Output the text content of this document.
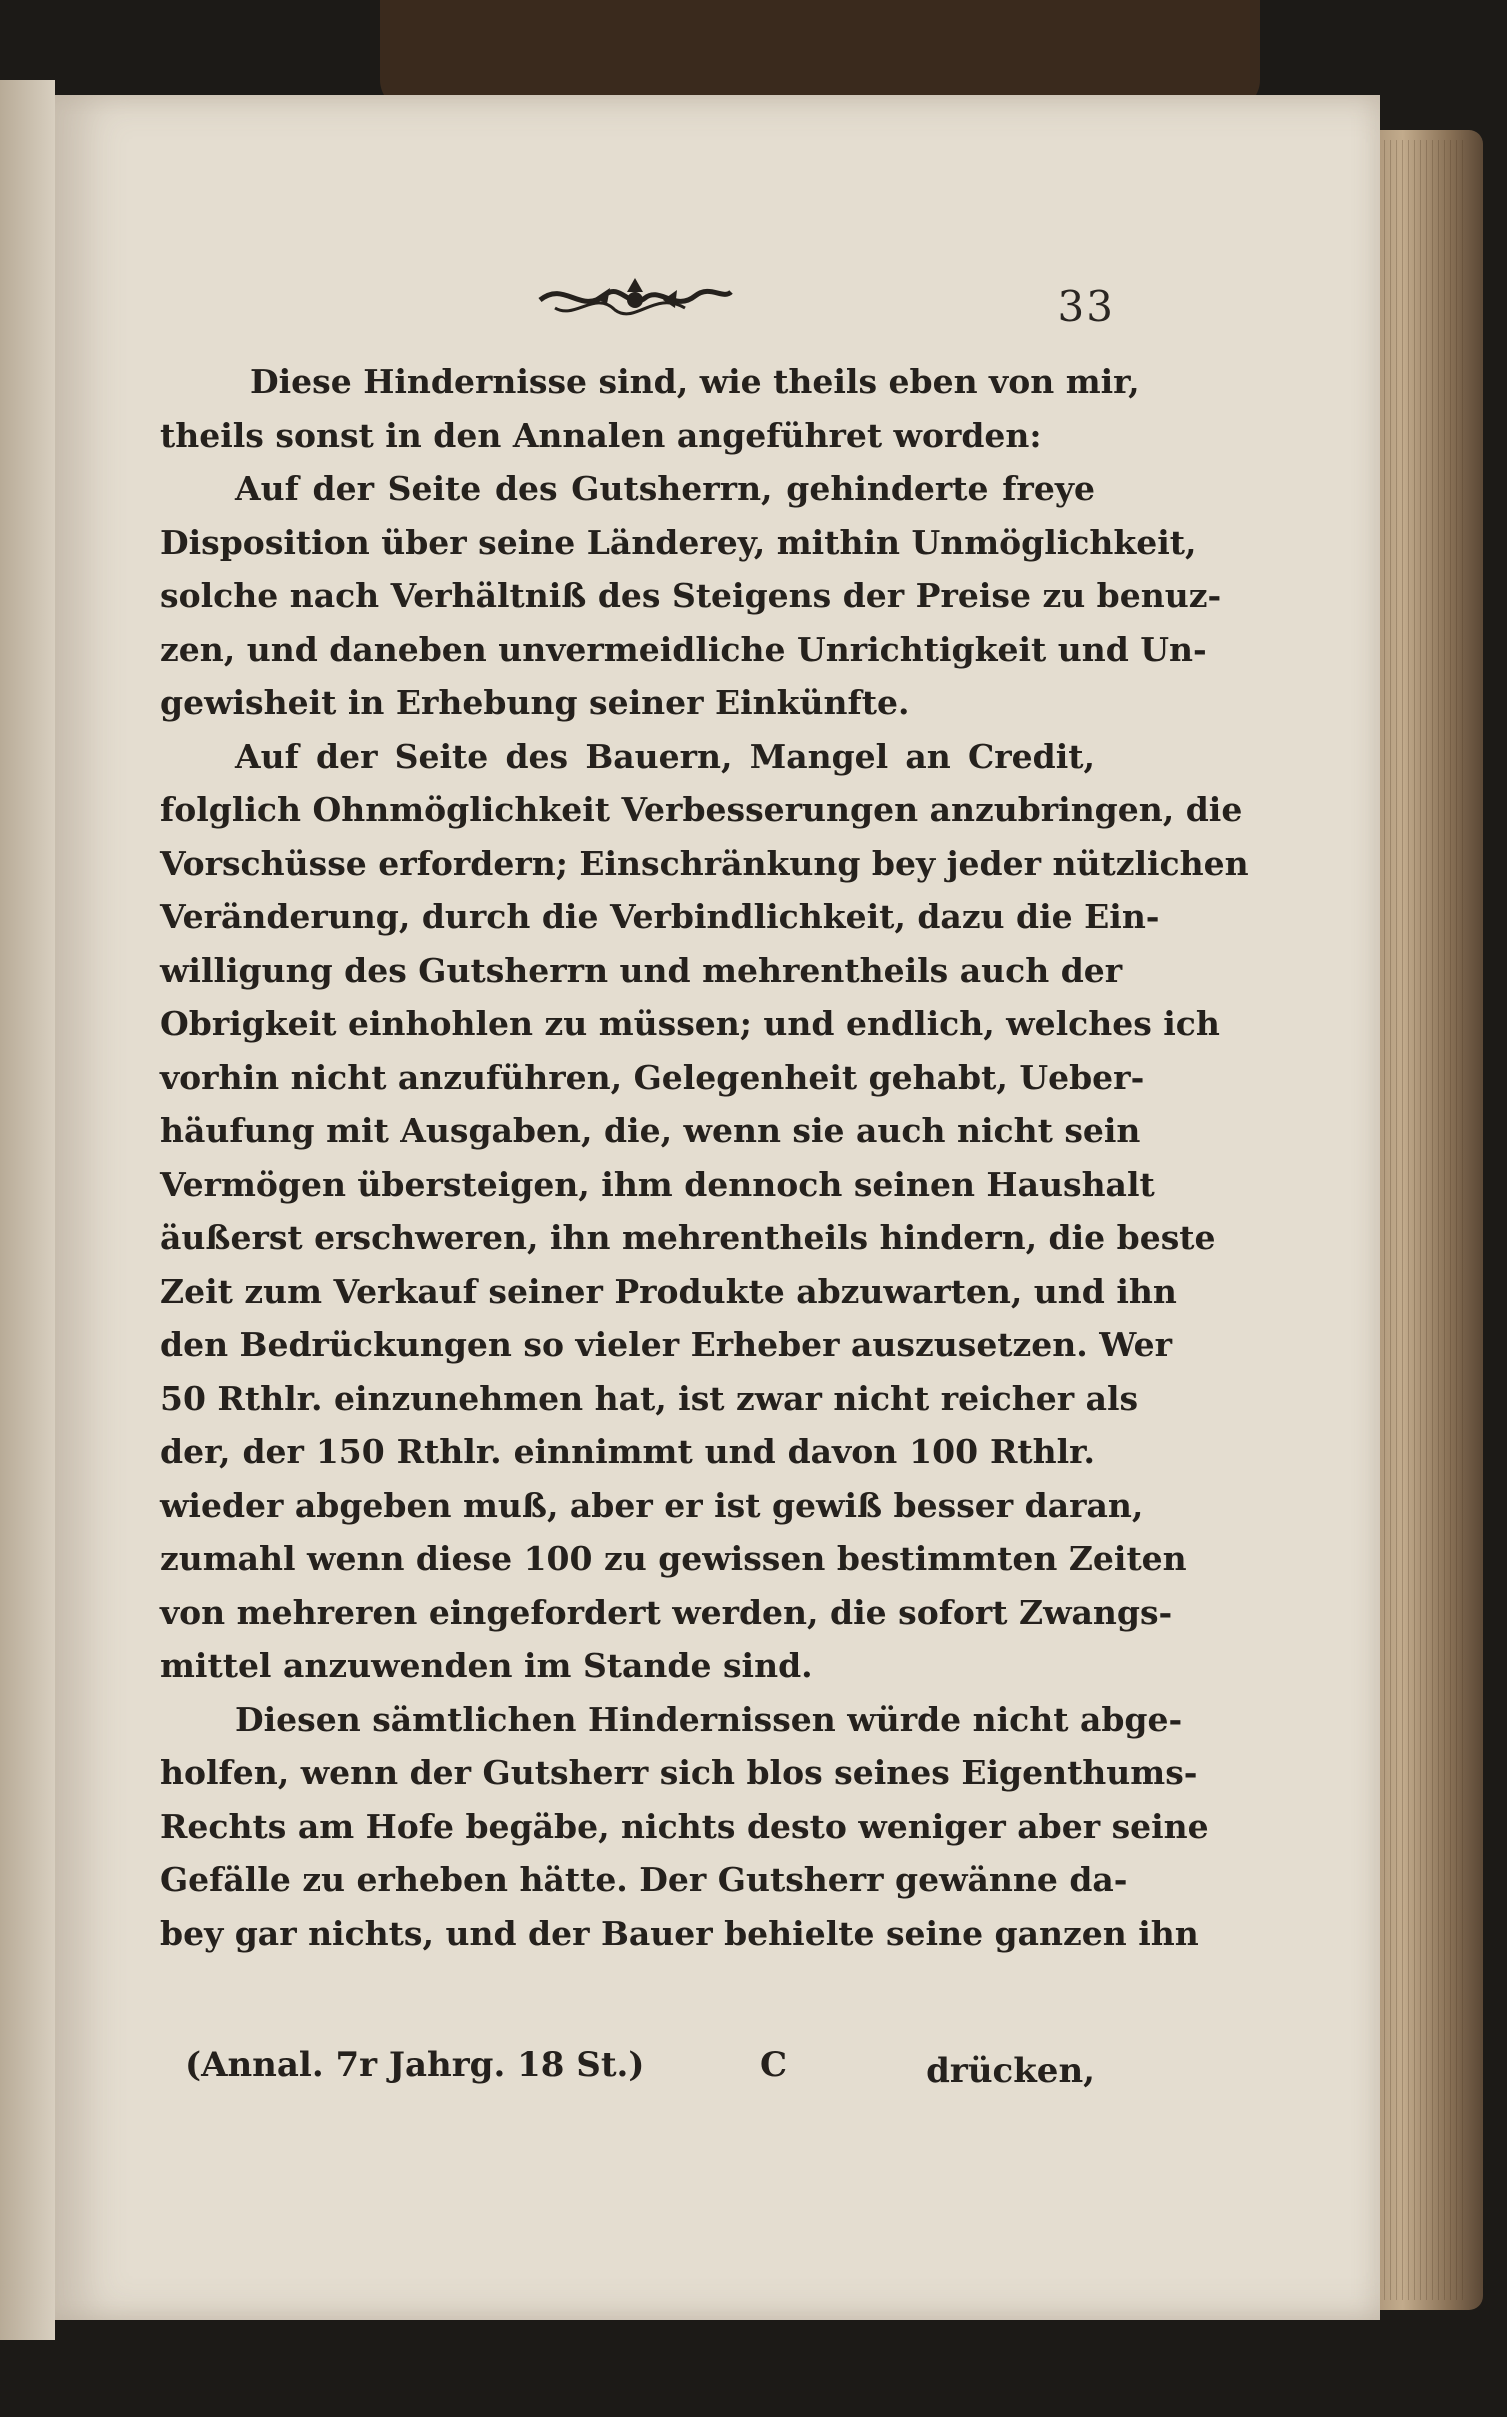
33
Diese Hindernisse sind, wie theils eben von mir,
theils sonst in den Annalen angeführet worden:
Auf der Seite des Gutsherrn, gehinderte freye
Disposition über seine Länderey, mithin Unmöglichkeit,
solche nach Verhältniß des Steigens der Preise zu benuz-
zen, und daneben unvermeidliche Unrichtigkeit und Un-
gewisheit in Erhebung seiner Einkünfte.
Auf der Seite des Bauern, Mangel an Credit,
folglich Ohnmöglichkeit Verbesserungen anzubringen, die
Vorschüsse erfordern; Einschränkung bey jeder nützlichen
Veränderung, durch die Verbindlichkeit, dazu die Ein-
willigung des Gutsherrn und mehrentheils auch der
Obrigkeit einhohlen zu müssen; und endlich, welches ich
vorhin nicht anzuführen, Gelegenheit gehabt, Ueber-
häufung mit Ausgaben, die, wenn sie auch nicht sein
Vermögen übersteigen, ihm dennoch seinen Haushalt
äußerst erschweren, ihn mehrentheils hindern, die beste
Zeit zum Verkauf seiner Produkte abzuwarten, und ihn
den Bedrückungen so vieler Erheber auszusetzen. Wer
50 Rthlr. einzunehmen hat, ist zwar nicht reicher als
der, der 150 Rthlr. einnimmt und davon 100 Rthlr.
wieder abgeben muß, aber er ist gewiß besser daran,
zumahl wenn diese 100 zu gewissen bestimmten Zeiten
von mehreren eingefordert werden, die sofort Zwangs-
mittel anzuwenden im Stande sind.
Diesen sämtlichen Hindernissen würde nicht abge-
holfen, wenn der Gutsherr sich blos seines Eigenthums-
Rechts am Hofe begäbe, nichts desto weniger aber seine
Gefälle zu erheben hätte. Der Gutsherr gewänne da-
bey gar nichts, und der Bauer behielte seine ganzen ihn
(Annal. 7r Jahrg. 18 St.)	C	drücken,
